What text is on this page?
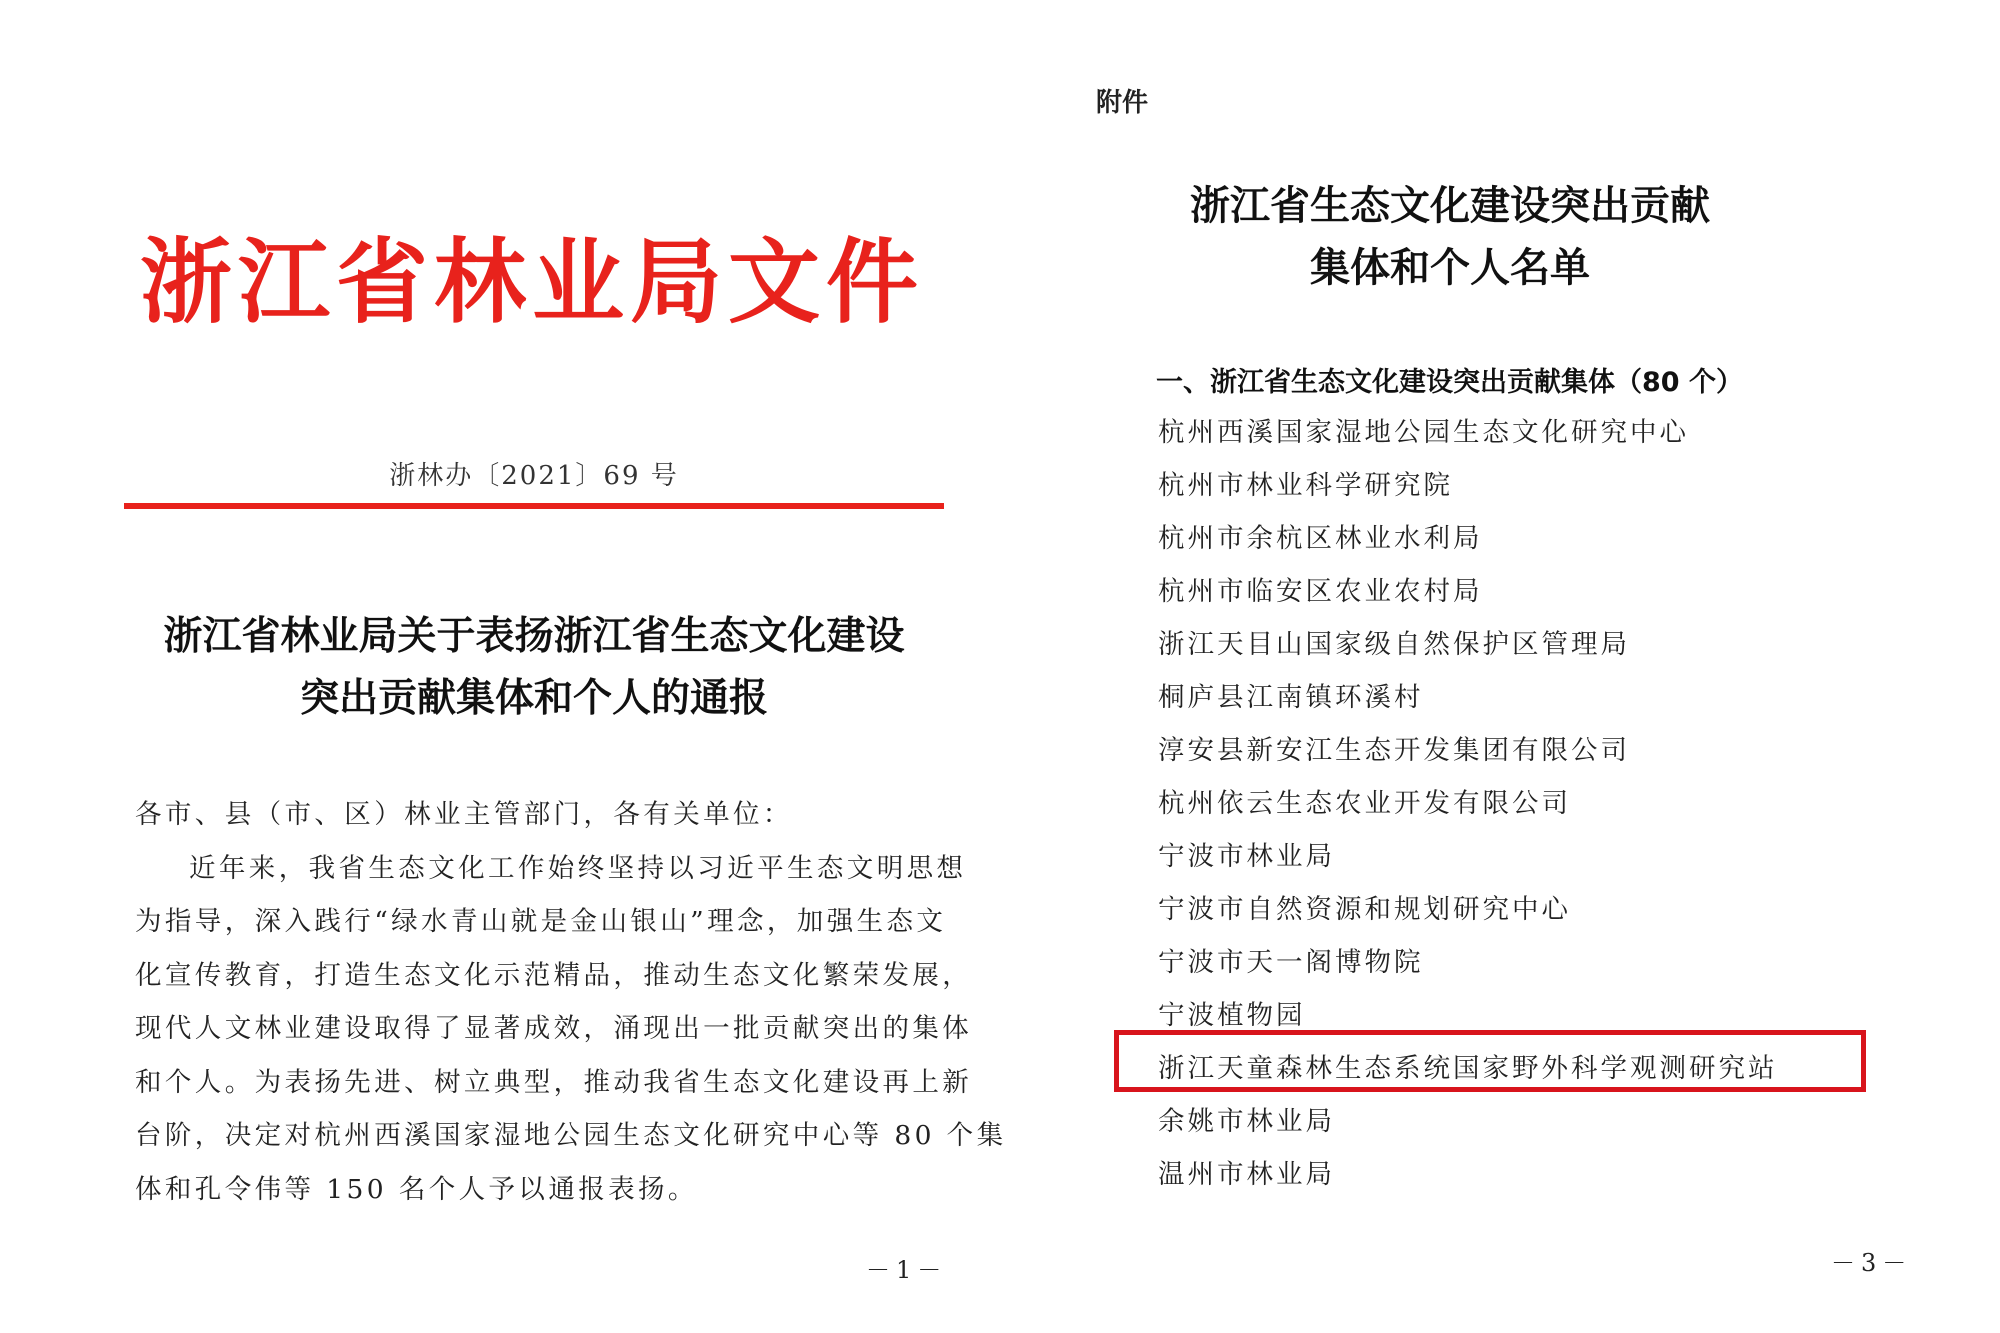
浙江省林业局文件
浙林办〔2021〕69 号
浙江省林业局关于表扬浙江省生态文化建设
突出贡献集体和个人的通报
各市、县（市、区）林业主管部门，各有关单位：
近年来，我省生态文化工作始终坚持以习近平生态文明思想
为指导，深入践行“绿水青山就是金山银山”理念，加强生态文
化宣传教育，打造生态文化示范精品，推动生态文化繁荣发展，
现代人文林业建设取得了显著成效，涌现出一批贡献突出的集体
和个人。为表扬先进、树立典型，推动我省生态文化建设再上新
台阶，决定对杭州西溪国家湿地公园生态文化研究中心等 80 个集
体和孔令伟等 150 名个人予以通报表扬。
－1－
附件
浙江省生态文化建设突出贡献
集体和个人名单
一、浙江省生态文化建设突出贡献集体（80 个）
杭州西溪国家湿地公园生态文化研究中心
杭州市林业科学研究院
杭州市余杭区林业水利局
杭州市临安区农业农村局
浙江天目山国家级自然保护区管理局
桐庐县江南镇环溪村
淳安县新安江生态开发集团有限公司
杭州依云生态农业开发有限公司
宁波市林业局
宁波市自然资源和规划研究中心
宁波市天一阁博物院
宁波植物园
浙江天童森林生态系统国家野外科学观测研究站
余姚市林业局
温州市林业局
－3－
